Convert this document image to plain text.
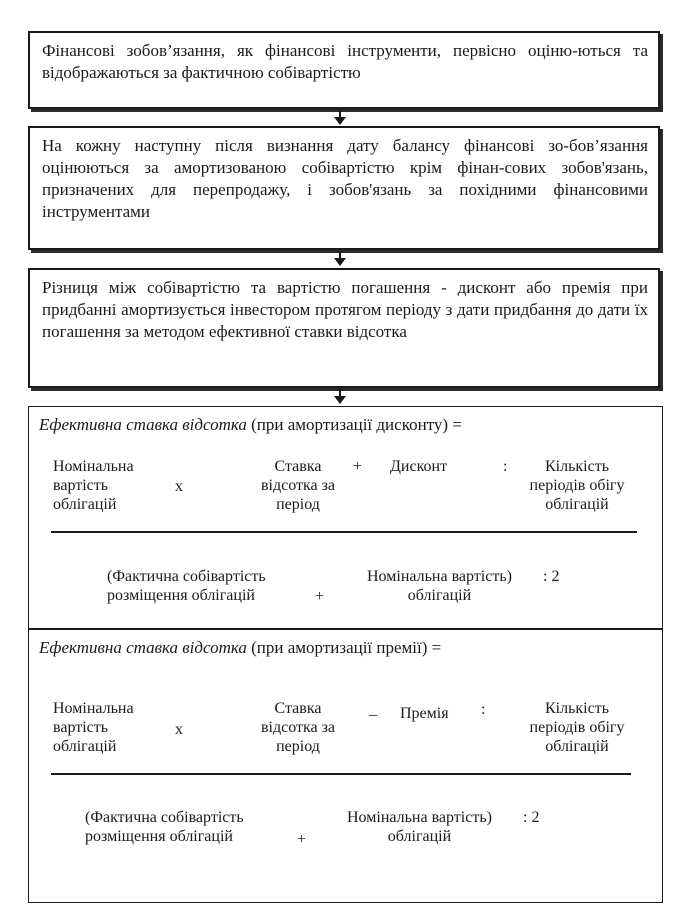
Фінансові зобов’язання, як фінансові інструменти, первісно оціню-ються та відображаються за фактичною собівартістю
На кожну наступну після визнання дату балансу фінансові зо-бов’язання оцінюються за амортизованою собівартістю крім фінан-сових зобов'язань, призначених для перепродажу, і зобов'язань за похідними фінансовими інструментами
Різниця між собівартістю та вартістю погашення - дисконт або премія при придбанні амортизується інвестором протягом періоду з дати придбання до дати їх погашення за методом ефективної ставки відсотка
Ефективна ставка відсотка (при амортизації дисконту) =
Номінальна
вартість
облігацій
х
Ставка
відсотка за
період
+ Дисконт	:	Кількість
періодів обігу
облігацій
(Фактична собівартість
розміщення облігацій	+
Номінальна вартість)
облігацій
: 2
Ефективна ставка відсотка (при амортизації премії) =
Номінальна
вартість
облігацій
х
Ставка
відсотка за
період
_ Премія :	Кількість
періодів обігу
облігацій
(Фактична собівартість
розміщення облігацій	+
Номінальна вартість)
облігацій
: 2
